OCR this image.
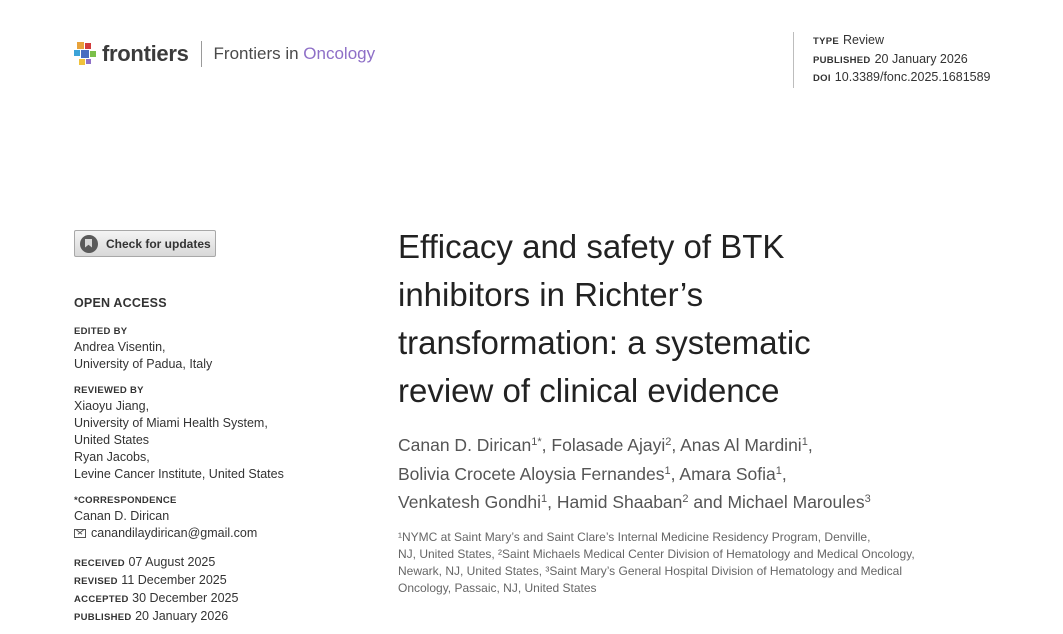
frontiers Frontiers in Oncology
TYPE Review
PUBLISHED 20 January 2026
DOI 10.3389/fonc.2025.1681589
Check for updates
OPEN ACCESS
EDITED BY
Andrea Visentin,
University of Padua, Italy
REVIEWED BY
Xiaoyu Jiang,
University of Miami Health System,
United States
Ryan Jacobs,
Levine Cancer Institute, United States
*CORRESPONDENCE
Canan D. Dirican
canandilaydirican@gmail.com
RECEIVED 07 August 2025
REVISED 11 December 2025
ACCEPTED 30 December 2025
PUBLISHED 20 January 2026
Efficacy and safety of BTK
inhibitors in Richter’s
transformation: a systematic
review of clinical evidence
Canan D. Dirican$^{1*}$, Folasade Ajayi$^2$, Anas Al Mardini$^1$,
Bolivia Crocete Aloysia Fernandes$^1$, Amara Sofia$^1$,
Venkatesh Gondhi$^1$, Hamid Shaaban$^2$ and Michael Maroules$^3$
¹NYMC at Saint Mary’s and Saint Clare’s Internal Medicine Residency Program, Denville,
NJ, United States, ²Saint Michaels Medical Center Division of Hematology and Medical Oncology,
Newark, NJ, United States, ³Saint Mary’s General Hospital Division of Hematology and Medical
Oncology, Passaic, NJ, United States
